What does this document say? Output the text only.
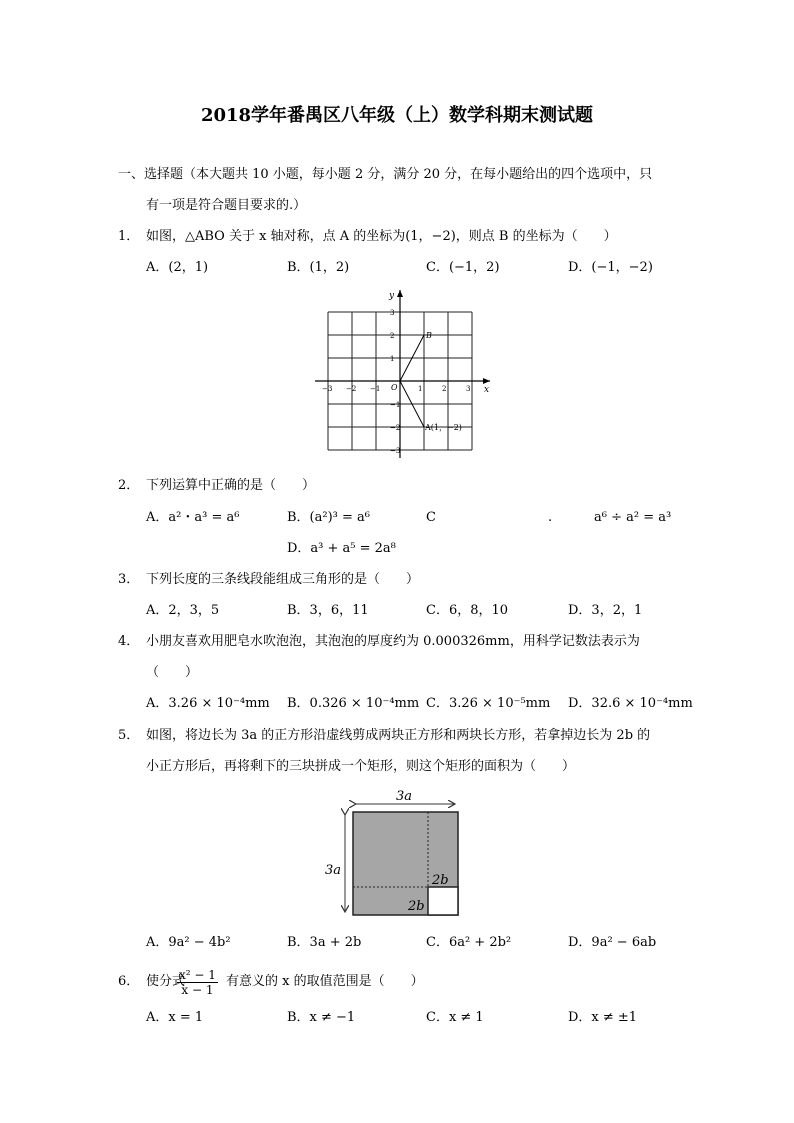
2018学年番禺区八年级（上）数学科期末测试题
一、选择题（本大题共 10 小题，每小题 2 分，满分 20 分，在每小题给出的四个选项中，只
有一项是符合题目要求的.）
1． 如图，△ABO 关于 x 轴对称，点 A 的坐标为(1，−2)，则点 B 的坐标为（　　）
A．(2，1)	B．(1，2)	C．(−1，2)	D．(−1，−2)
x
y
O
−3 −2 −1	1	2	3
3
2
1
−1
−2
−3
B
A(1，−2)
2． 下列运算中正确的是（　　）
A．a²・a³ = a⁶	B．(a²)³ = a⁶	C	.	a⁶ ÷ a² = a³
D．a³ + a⁵ = 2a⁸
3． 下列长度的三条线段能组成三角形的是（　　）
A．2，3，5	B．3，6，11	C．6，8，10	D．3，2，1
4． 小朋友喜欢用肥皂水吹泡泡，其泡泡的厚度约为 0.000326mm，用科学记数法表示为
（　　）
A．3.26 × 10⁻⁴mm B．0.326 × 10⁻⁴mm C．3.26 × 10⁻⁵mm D．32.6 × 10⁻⁴mm
5． 如图，将边长为 3a 的正方形沿虚线剪成两块正方形和两块长方形，若拿掉边长为 2b 的
小正方形后，再将剩下的三块拼成一个矩形，则这个矩形的面积为（　　）
3a
3a
2b
2b
A．9a² − 4b²	B．3a + 2b	C．6a² + 2b²	D．9a² − 6ab
6． 使分式
$\frac{\text{x² − 1}}{x - 1}$ 有意义的 x 的取值范围是（　　）
A．x = 1	B．x ≠ −1	C．x ≠ 1	D．x ≠ ±1
